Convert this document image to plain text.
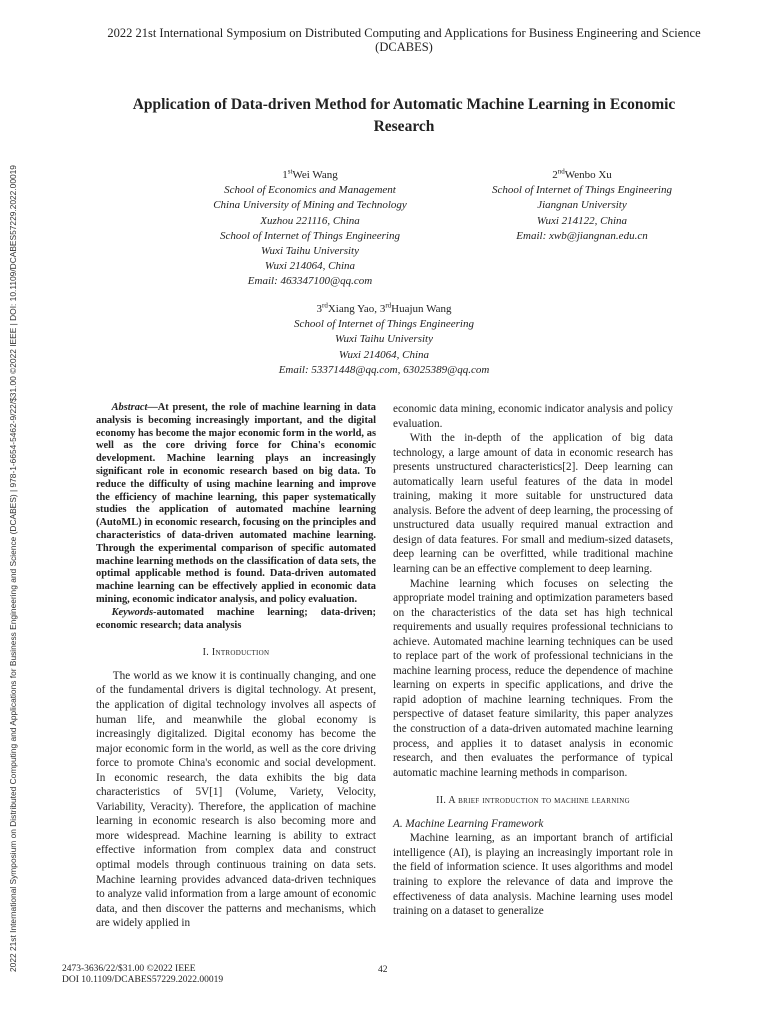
2022 21st International Symposium on Distributed Computing and Applications for Business Engineering and Science (DCABES) | 978-1-6654-5462-9/22/$31.00 ©2022 IEEE | DOI: 10.1109/DCABES57229.2022.00019
2022 21st International Symposium on Distributed Computing and Applications for Business Engineering and Science
(DCABES)
Application of Data-driven Method for Automatic Machine Learning in Economic
Research
1stWei Wang
School of Economics and Management
China University of Mining and Technology
Xuzhou 221116, China
School of Internet of Things Engineering
Wuxi Taihu University
Wuxi 214064, China
Email: 463347100@qq.com
2ndWenbo Xu
School of Internet of Things Engineering
Jiangnan University
Wuxi 214122, China
Email: xwb@jiangnan.edu.cn
3rdXiang Yao, 3rdHuajun Wang
School of Internet of Things Engineering
Wuxi Taihu University
Wuxi 214064, China
Email: 53371448@qq.com, 63025389@qq.com

Abstract—At present, the role of machine learning in data analysis is becoming increasingly important, and the digital economy has become the major economic form in the world, as well as the core driving force for China's economic development. Machine learning plays an increasingly significant role in economic research based on big data. To reduce the difficulty of using machine learning and improve the efficiency of machine learning, this paper systematically studies the application of automated machine learning (AutoML) in economic research, focusing on the principles and characteristics of data-driven automated machine learning. Through the experimental comparison of specific automated machine learning methods on the classification of data sets, the optimal applicable method is found. Data-driven automated machine learning can be effectively applied in economic data mining, economic indicator analysis, and policy evaluation.

Keywords-automated machine learning; data-driven; economic research; data analysis

I. Introduction

The world as we know it is continually changing, and one of the fundamental drivers is digital technology. At present, the application of digital technology involves all aspects of human life, and meanwhile the global economy is increasingly digitalized. Digital economy has become the major economic form in the world, as well as the core driving force to promote China's economic and social development. In economic research, the data exhibits the big data characteristics of 5V[1] (Volume, Variety, Velocity, Variability, Veracity). Therefore, the application of machine learning in economic research is also becoming more and more widespread. Machine learning is ability to extract effective information from complex data and construct optimal models through continuous training on data sets. Machine learning provides advanced data-driven techniques to analyze valid information from a large amount of economic data, and then discover the patterns and mechanisms, which are widely applied in

economic data mining, economic indicator analysis and policy evaluation.

With the in-depth of the application of big data technology, a large amount of data in economic research has presents unstructured characteristics[2]. Deep learning can automatically learn useful features of the data in model training, making it more suitable for unstructured data analysis. Before the advent of deep learning, the processing of unstructured data usually required manual extraction and design of data features. For small and medium-sized datasets, deep learning can be overfitted, while traditional machine learning can be an effective complement to deep learning.

Machine learning which focuses on selecting the appropriate model training and optimization parameters based on the characteristics of the data set has high technical requirements and usually requires professional technicians to achieve. Automated machine learning techniques can be used to replace part of the work of professional technicians in the machine learning process, reduce the dependence of machine learning on experts in specific applications, and drive the rapid adoption of machine learning techniques. From the perspective of dataset feature similarity, this paper analyzes the construction of a data-driven automated machine learning process, and applies it to dataset analysis in economic research, and then evaluates the performance of typical automatic machine learning methods in comparison.

II. A brief introduction to machine learning

A. Machine Learning Framework

Machine learning, as an important branch of artificial intelligence (AI), is playing an increasingly important role in the field of information science. It uses algorithms and model training to explore the relevance of data and improve the effectiveness of data analysis. Machine learning uses model training on a dataset to generalize

2473-3636/22/$31.00 ©2022 IEEE
DOI 10.1109/DCABES57229.2022.00019
42
